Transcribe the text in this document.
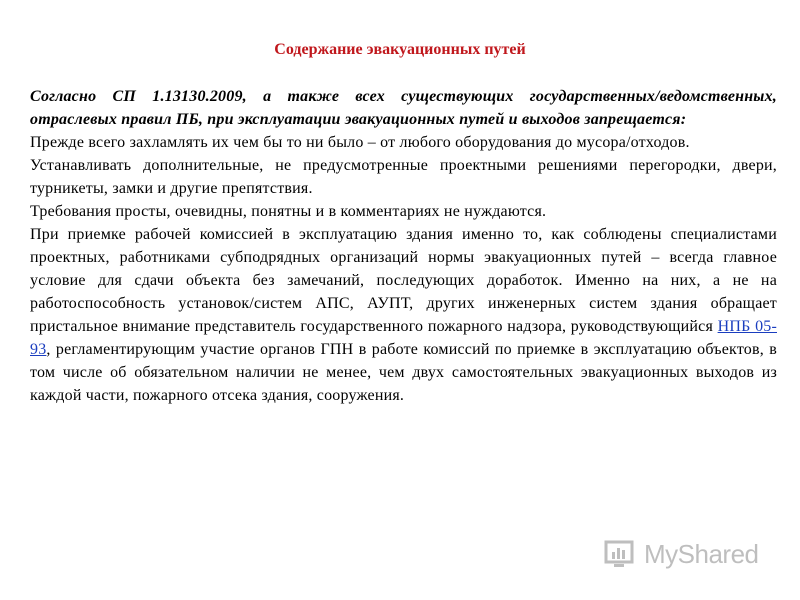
Содержание эвакуационных путей

Согласно СП 1.13130.2009, а также всех существующих государственных/ведомственных, отраслевых правил ПБ, при эксплуатации эвакуационных путей и выходов запрещается:

Прежде всего захламлять их чем бы то ни было – от любого оборудования до мусора/отходов.

Устанавливать дополнительные, не предусмотренные проектными решениями перегородки, двери, турникеты, замки и другие препятствия.

Требования просты, очевидны, понятны и в комментариях не нуждаются.

При приемке рабочей комиссией в эксплуатацию здания именно то, как соблюдены специалистами проектных, работниками субподрядных организаций нормы эвакуационных путей – всегда главное условие для сдачи объекта без замечаний, последующих доработок. Именно на них, а не на работоспособность установок/систем АПС, АУПТ, других инженерных систем здания обращает пристальное внимание представитель государственного пожарного надзора, руководствующийся НПБ 05-93, регламентирующим участие органов ГПН в работе комиссий по приемке в эксплуатацию объектов, в том числе об обязательном наличии не менее, чем двух самостоятельных эвакуационных выходов из каждой части, пожарного отсека здания, сооружения.

MyShared
